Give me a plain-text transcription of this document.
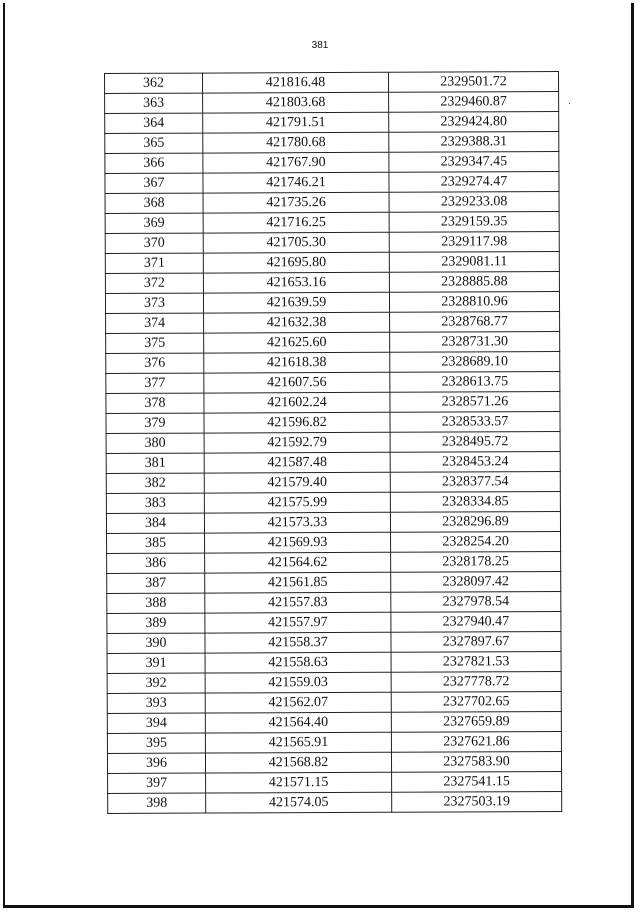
381
362	421816.48	2329501.72
363	421803.68	2329460.87
364	421791.51	2329424.80
365	421780.68	2329388.31
366	421767.90	2329347.45
367	421746.21	2329274.47
368	421735.26	2329233.08
369	421716.25	2329159.35
370	421705.30	2329117.98
371	421695.80	2329081.11
372	421653.16	2328885.88
373	421639.59	2328810.96
374	421632.38	2328768.77
375	421625.60	2328731.30
376	421618.38	2328689.10
377	421607.56	2328613.75
378	421602.24	2328571.26
379	421596.82	2328533.57
380	421592.79	2328495.72
381	421587.48	2328453.24
382	421579.40	2328377.54
383	421575.99	2328334.85
384	421573.33	2328296.89
385	421569.93	2328254.20
386	421564.62	2328178.25
387	421561.85	2328097.42
388	421557.83	2327978.54
389	421557.97	2327940.47
390	421558.37	2327897.67
391	421558.63	2327821.53
392	421559.03	2327778.72
393	421562.07	2327702.65
394	421564.40	2327659.89
395	421565.91	2327621.86
396	421568.82	2327583.90
397	421571.15	2327541.15
398	421574.05	2327503.19
